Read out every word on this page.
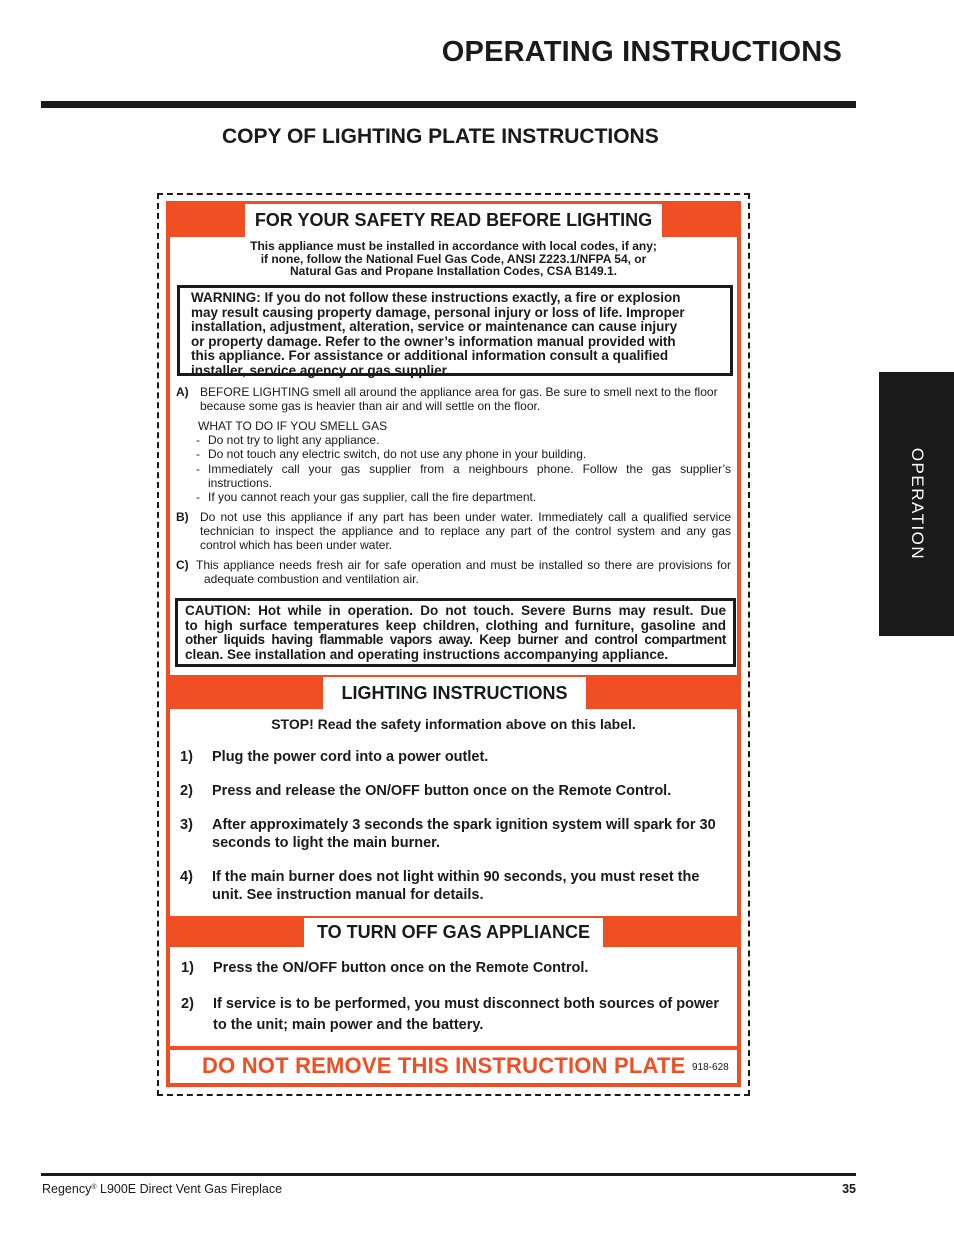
OPERATING INSTRUCTIONS
COPY OF LIGHTING PLATE INSTRUCTIONS
OPERATION
FOR YOUR SAFETY READ BEFORE LIGHTING
This appliance must be installed in accordance with local codes, if any;
if none, follow the National Fuel Gas Code, ANSI Z223.1/NFPA 54, or
Natural Gas and Propane Installation Codes, CSA B149.1.

WARNING: If you do not follow these instructions exactly, a fire or explosion

may result causing property damage, personal injury or loss of life. Improper

installation, adjustment, alteration, service or maintenance can cause injury

or property damage. Refer to the owner’s information manual provided with

this appliance. For assistance or additional information consult a qualified

installer, service agency or gas supplier.

A) BEFORE LIGHTING smell all around the appliance area for gas. Be sure to smell next to the floor
because some gas is heavier than air and will settle on the floor.
WHAT TO DO IF YOU SMELL GAS
- Do not try to light any appliance.
- Do not touch any electric switch, do not use any phone in your building.
- Immediately call your gas supplier from a neighbours phone. Follow the gas supplier’s
instructions.
- If you cannot reach your gas supplier, call the fire department.
B) Do not use this appliance if any part has been under water. Immediately call a qualified service
technician to inspect the appliance and to replace any part of the control system and any gas
control which has been under water.
C) This appliance needs fresh air for safe operation and must be installed so there are provisions for
adequate combustion and ventilation air.

CAUTION: Hot while in operation. Do not touch. Severe Burns may result. Due

to high surface temperatures keep children, clothing and furniture, gasoline and

other liquids having flammable vapors away. Keep burner and control compartment

clean. See installation and operating instructions accompanying appliance.

LIGHTING INSTRUCTIONS
STOP! Read the safety information above on this label.
1) Plug the power cord into a power outlet.
2) Press and release the ON/OFF button once on the Remote Control.
3) After approximately 3 seconds the spark ignition system will spark for 30
seconds to light the main burner.
4) If the main burner does not light within 90 seconds, you must reset the
unit. See instruction manual for details.
TO TURN OFF GAS APPLIANCE
1) Press the ON/OFF button once on the Remote Control.
2) If service is to be performed, you must disconnect both sources of power
to the unit; main power and the battery.
DO NOT REMOVE THIS INSTRUCTION PLATE 918-628
Regency® L900E Direct Vent Gas Fireplace	35
